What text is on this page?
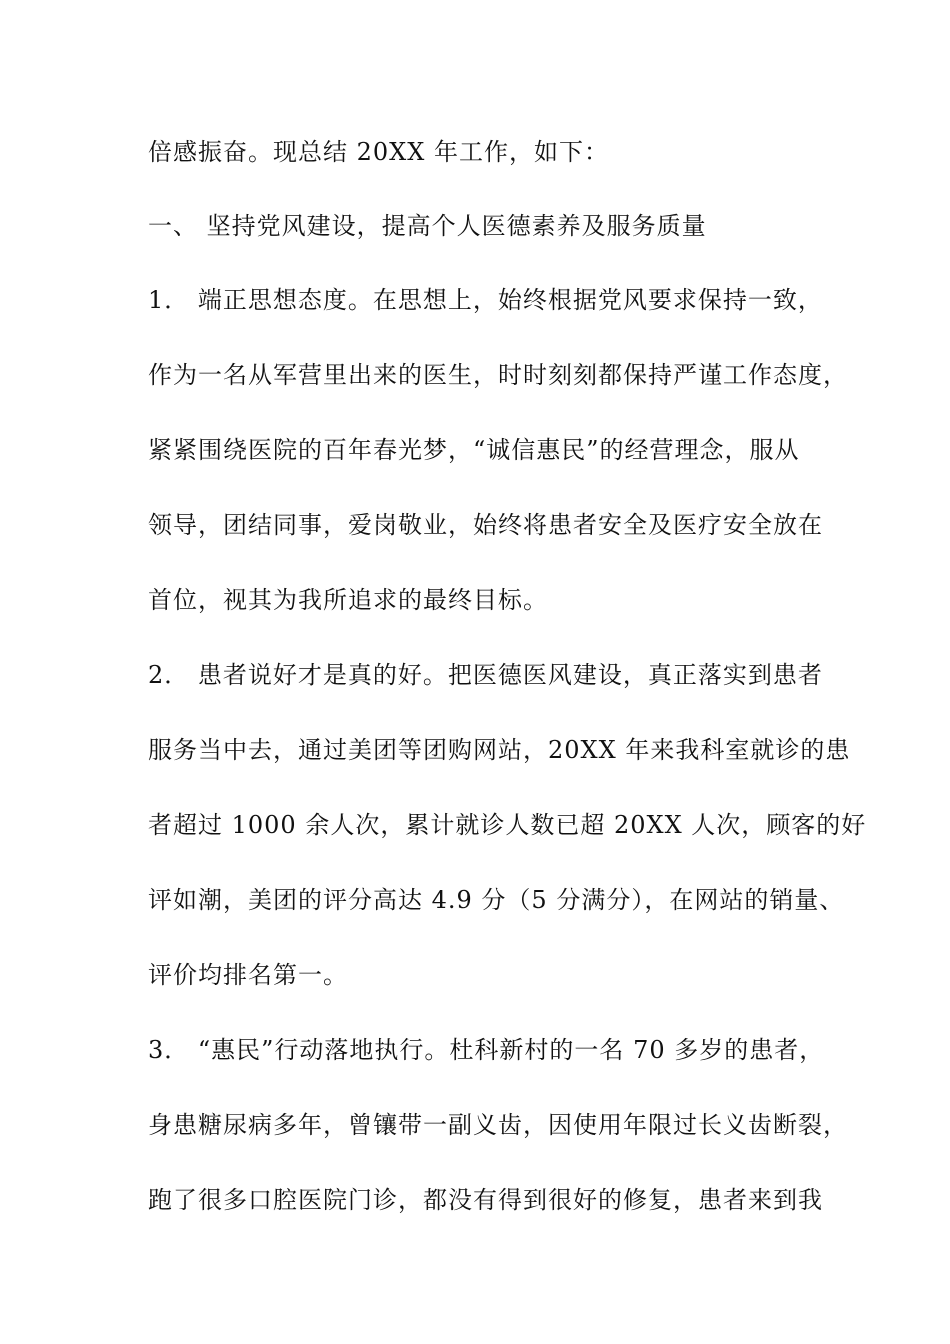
倍感振奋。现总结 20XX 年工作，如下：
一、 坚持党风建设，提高个人医德素养及服务质量
1． 端正思想态度。在思想上，始终根据党风要求保持一致，
作为一名从军营里出来的医生，时时刻刻都保持严谨工作态度，
紧紧围绕医院的百年春光梦，“诚信惠民”的经营理念，服从
领导，团结同事，爱岗敬业，始终将患者安全及医疗安全放在
首位，视其为我所追求的最终目标。
2． 患者说好才是真的好。把医德医风建设，真正落实到患者
服务当中去，通过美团等团购网站，20XX 年来我科室就诊的患
者超过 1000 余人次，累计就诊人数已超 20XX 人次，顾客的好
评如潮，美团的评分高达 4.9 分（5 分满分），在网站的销量、
评价均排名第一。
3． “惠民”行动落地执行。杜科新村的一名 70 多岁的患者，
身患糖尿病多年，曾镶带一副义齿，因使用年限过长义齿断裂，
跑了很多口腔医院门诊，都没有得到很好的修复，患者来到我
